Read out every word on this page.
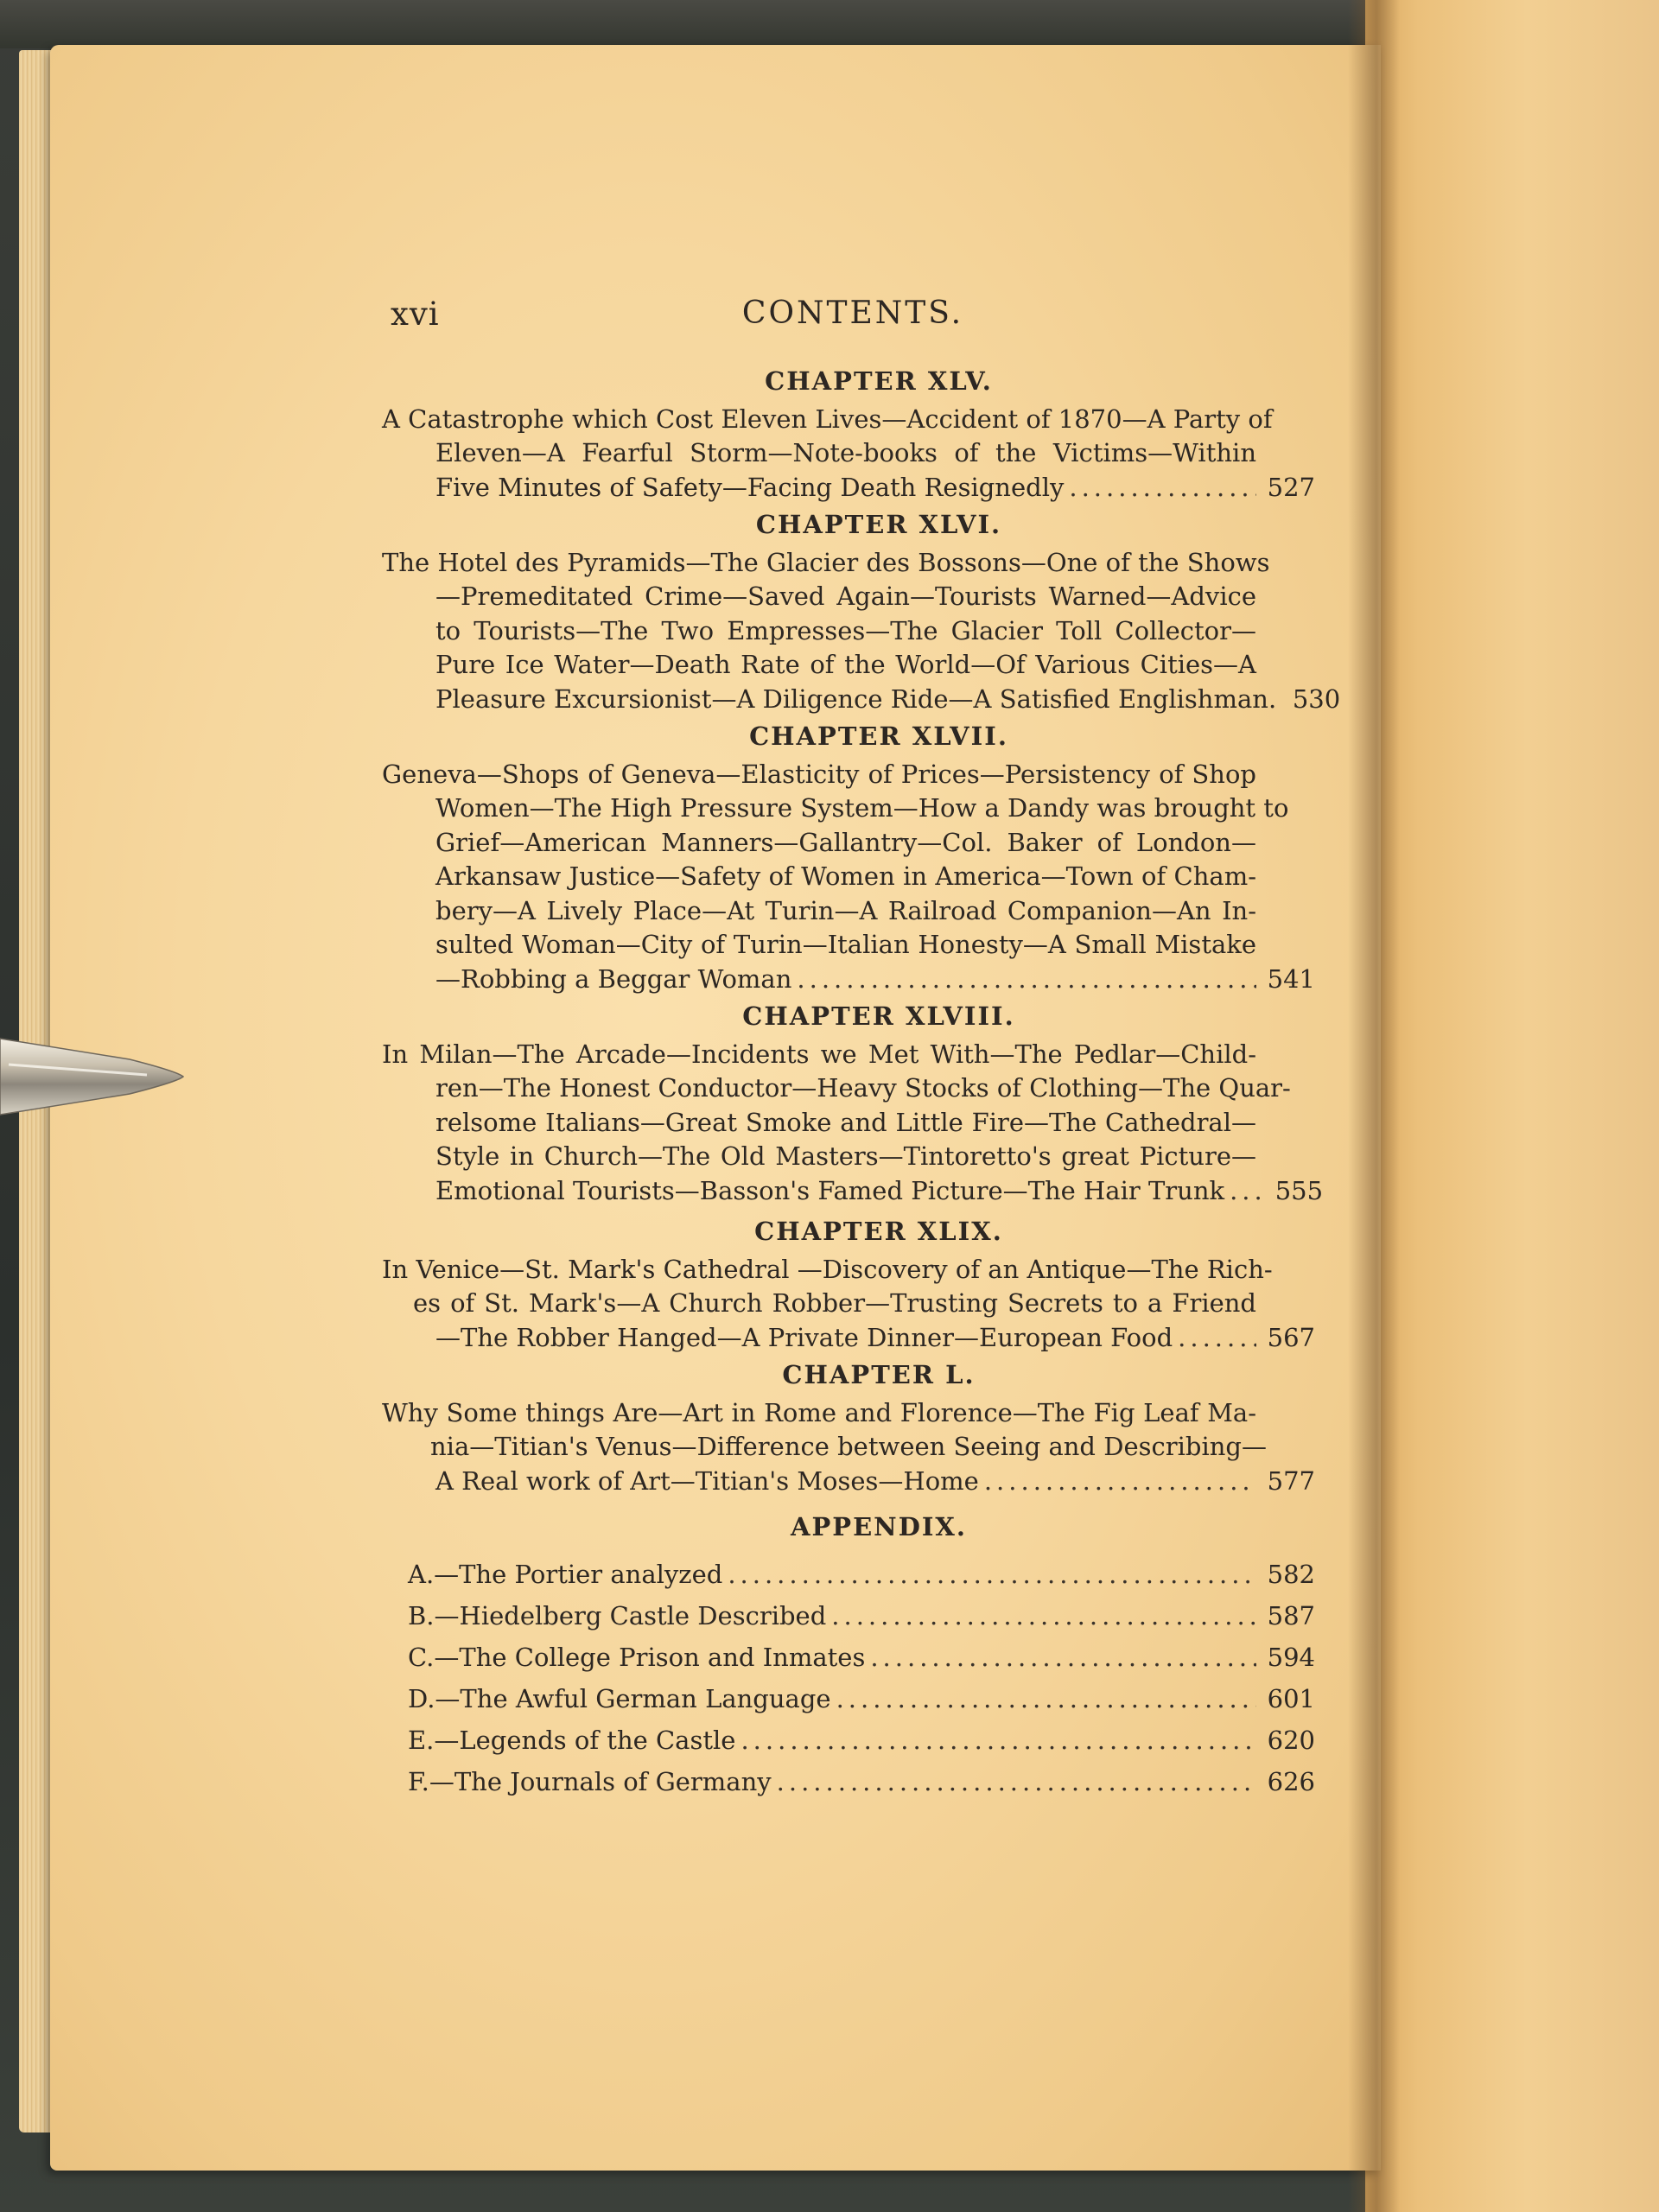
xvi	CONTENTS.
CHAPTER XLV.
A Catastrophe which Cost Eleven Lives—Accident of 1870—A Party of
Eleven—A Fearful Storm—Note-books of the Victims—Within
Five Minutes of Safety—Facing Death Resignedly .....	527
CHAPTER XLVI.
The Hotel des Pyramids—The Glacier des Bossons—One of the Shows
—Premeditated Crime—Saved Again—Tourists Warned—Advice
to Tourists—The Two Empresses—The Glacier Toll Collector—
Pure Ice Water—Death Rate of the World—Of Various Cities—A
Pleasure Excursionist—A Diligence Ride—A Satisfied Englishman. 530
CHAPTER XLVII.
Geneva—Shops of Geneva—Elasticity of Prices—Persistency of Shop
Women—The High Pressure System—How a Dandy was brought to
Grief—American Manners—Gallantry—Col. Baker of London—
Arkansaw Justice—Safety of Women in America—Town of Cham-
bery—A Lively Place—At Turin—A Railroad Companion—An In-
sulted Woman—City of Turin—Italian Honesty—A Small Mistake
—Robbing a Beggar Woman .....	541
CHAPTER XLVIII.
In Milan—The Arcade—Incidents we Met With—The Pedlar—Child-
ren—The Honest Conductor—Heavy Stocks of Clothing—The Quar-
relsome Italians—Great Smoke and Little Fire—The Cathedral—
Style in Church—The Old Masters—Tintoretto's great Picture—
Emotional Tourists—Basson's Famed Picture—The Hair Trunk ..... 555
CHAPTER XLIX.
In Venice—St. Mark's Cathedral —Discovery of an Antique—The Rich-
es of St. Mark's—A Church Robber—Trusting Secrets to a Friend
—The Robber Hanged—A Private Dinner—European Food .....	567
CHAPTER L.
Why Some things Are—Art in Rome and Florence—The Fig Leaf Ma-
nia—Titian's Venus—Difference between Seeing and Describing—
A Real work of Art—Titian's Moses—Home .....	577
APPENDIX.
A.—The Portier analyzed .....	582
B.—Hiedelberg Castle Described .....	587
C.—The College Prison and Inmates .....	594
D.—The Awful German Language .....	601
E.—Legends of the Castle .....	620
F.—The Journals of Germany .....	626
